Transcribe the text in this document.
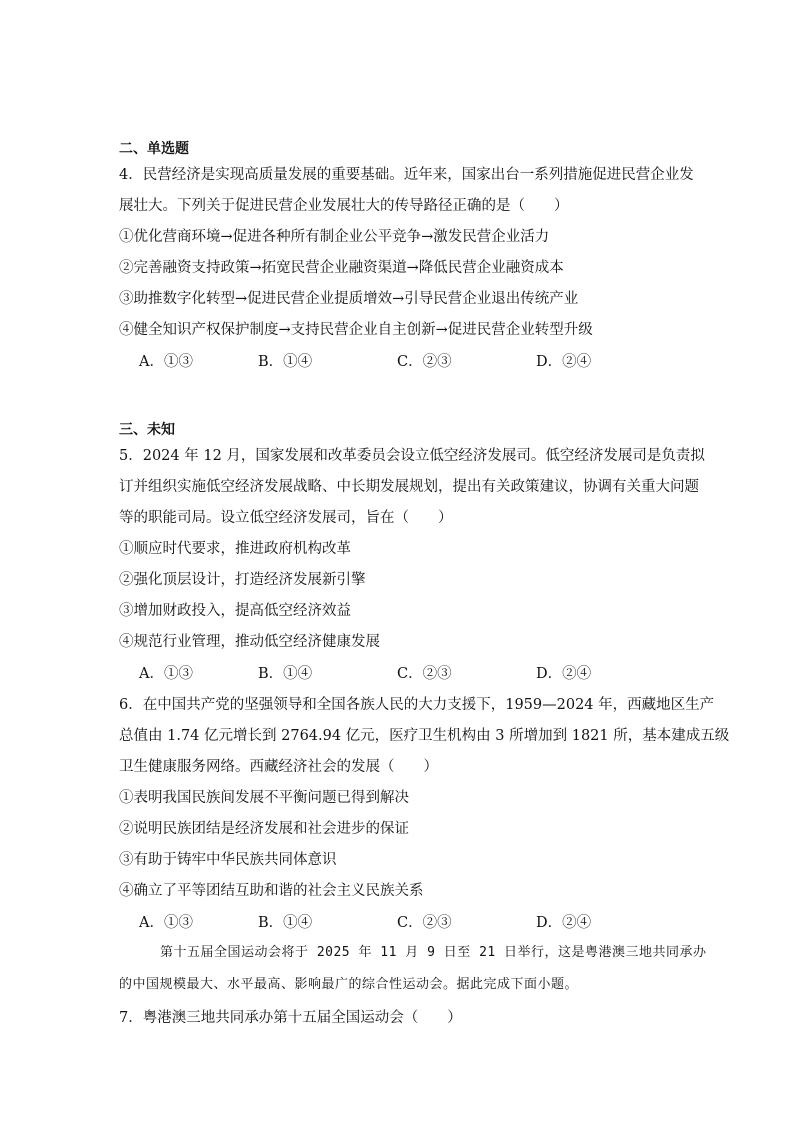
二、单选题
4．民营经济是实现高质量发展的重要基础。近年来，国家出台一系列措施促进民营企业发
展壮大。下列关于促进民营企业发展壮大的传导路径正确的是（　　）
①优化营商环境→促进各种所有制企业公平竞争→激发民营企业活力
②完善融资支持政策→拓宽民营企业融资渠道→降低民营企业融资成本
③助推数字化转型→促进民营企业提质增效→引导民营企业退出传统产业
④健全知识产权保护制度→支持民营企业自主创新→促进民营企业转型升级
A．①③	B．①④	C．②③	D．②④
三、未知
5．2024 年 12 月，国家发展和改革委员会设立低空经济发展司。低空经济发展司是负责拟
订并组织实施低空经济发展战略、中长期发展规划，提出有关政策建议，协调有关重大问题
等的职能司局。设立低空经济发展司，旨在（　　）
①顺应时代要求，推进政府机构改革
②强化顶层设计，打造经济发展新引擎
③增加财政投入，提高低空经济效益
④规范行业管理，推动低空经济健康发展
A．①③	B．①④	C．②③	D．②④
6．在中国共产党的坚强领导和全国各族人民的大力支援下，1959—2024 年，西藏地区生产
总值由 1.74 亿元增长到 2764.94 亿元，医疗卫生机构由 3 所增加到 1821 所，基本建成五级
卫生健康服务网络。西藏经济社会的发展（　　）
①表明我国民族间发展不平衡问题已得到解决
②说明民族团结是经济发展和社会进步的保证
③有助于铸牢中华民族共同体意识
④确立了平等团结互助和谐的社会主义民族关系
A．①③	B．①④	C．②③	D．②④
第十五届全国运动会将于 2025 年 11 月 9 日至 21 日举行，这是粤港澳三地共同承办
的中国规模最大、水平最高、影响最广的综合性运动会。据此完成下面小题。
7．粤港澳三地共同承办第十五届全国运动会（　　）
